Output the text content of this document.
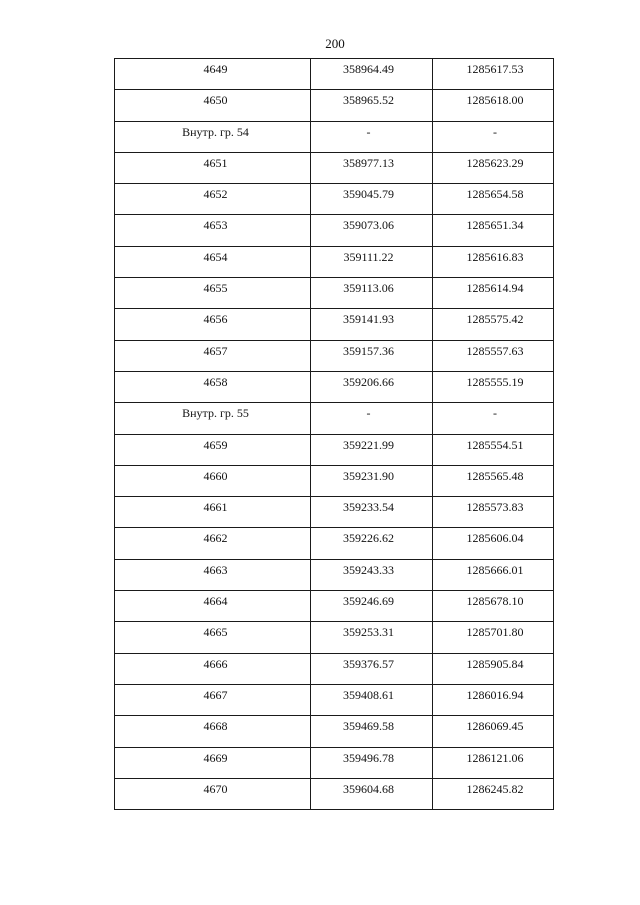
200
4649	358964.49	1285617.53
4650	358965.52	1285618.00
Внутр. гр. 54	-	-
4651	358977.13	1285623.29
4652	359045.79	1285654.58
4653	359073.06	1285651.34
4654	359111.22	1285616.83
4655	359113.06	1285614.94
4656	359141.93	1285575.42
4657	359157.36	1285557.63
4658	359206.66	1285555.19
Внутр. гр. 55	-	-
4659	359221.99	1285554.51
4660	359231.90	1285565.48
4661	359233.54	1285573.83
4662	359226.62	1285606.04
4663	359243.33	1285666.01
4664	359246.69	1285678.10
4665	359253.31	1285701.80
4666	359376.57	1285905.84
4667	359408.61	1286016.94
4668	359469.58	1286069.45
4669	359496.78	1286121.06
4670	359604.68	1286245.82
